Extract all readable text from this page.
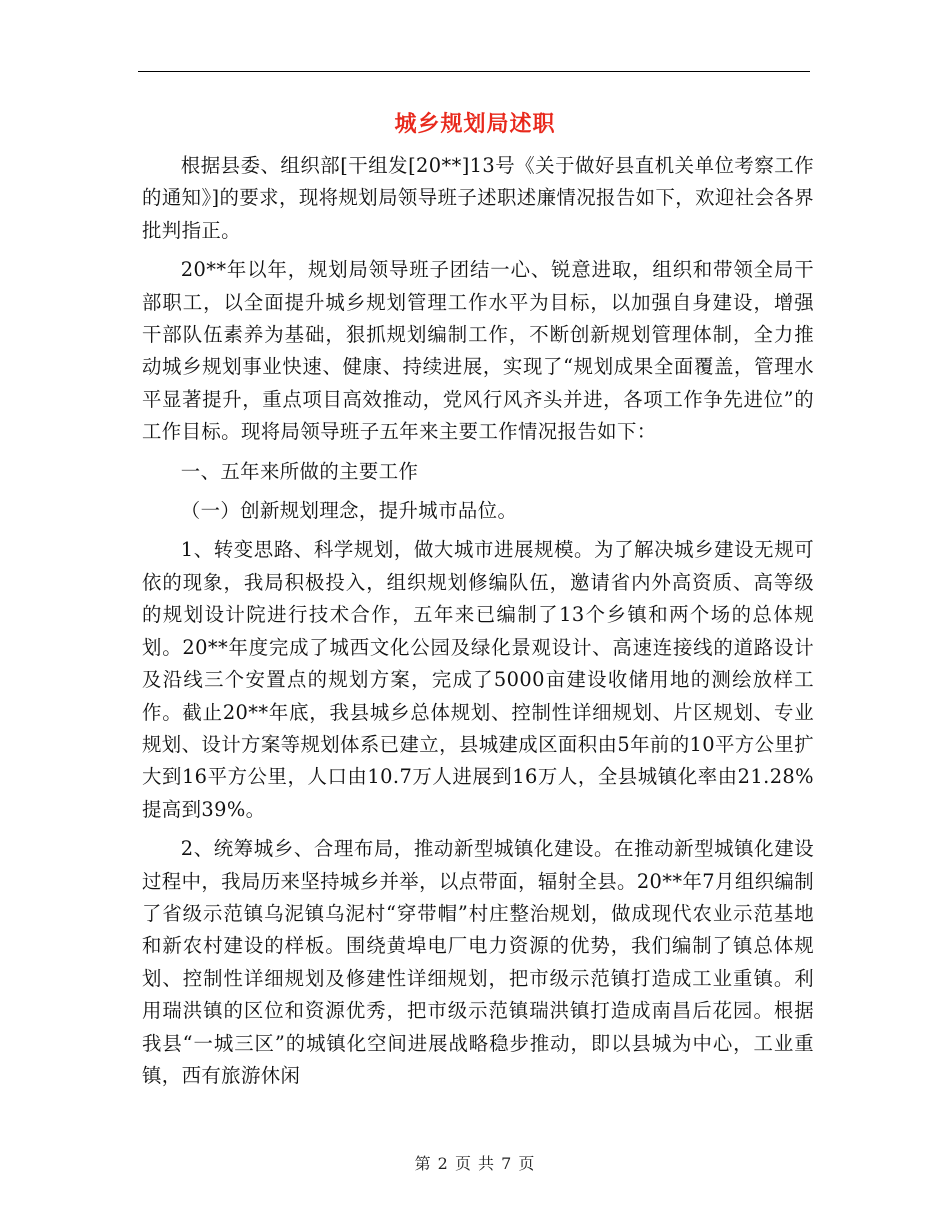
城乡规划局述职

根据县委、组织部[干组发[20**]13号《关于做好县直机关单位考察工作的通知》]的要求，现将规划局领导班子述职述廉情况报告如下，欢迎社会各界批判指正。

20**年以年，规划局领导班子团结一心、锐意进取，组织和带领全局干部职工，以全面提升城乡规划管理工作水平为目标，以加强自身建设，增强干部队伍素养为基础，狠抓规划编制工作，不断创新规划管理体制，全力推动城乡规划事业快速、健康、持续进展，实现了“规划成果全面覆盖，管理水平显著提升，重点项目高效推动，党风行风齐头并进，各项工作争先进位”的工作目标。现将局领导班子五年来主要工作情况报告如下：

一、五年来所做的主要工作

（一）创新规划理念，提升城市品位。

1、转变思路、科学规划，做大城市进展规模。为了解决城乡建设无规可依的现象，我局积极投入，组织规划修编队伍，邀请省内外高资质、高等级的规划设计院进行技术合作，五年来已编制了13个乡镇和两个场的总体规划。20**年度完成了城西文化公园及绿化景观设计、高速连接线的道路设计及沿线三个安置点的规划方案，完成了5000亩建设收储用地的测绘放样工作。截止20**年底，我县城乡总体规划、控制性详细规划、片区规划、专业规划、设计方案等规划体系已建立，县城建成区面积由5年前的10平方公里扩大到16平方公里，人口由10.7万人进展到16万人，全县城镇化率由21.28%提高到39%。

2、统筹城乡、合理布局，推动新型城镇化建设。在推动新型城镇化建设过程中，我局历来坚持城乡并举，以点带面，辐射全县。20**年7月组织编制了省级示范镇乌泥镇乌泥村“穿带帽”村庄整治规划，做成现代农业示范基地和新农村建设的样板。围绕黄埠电厂电力资源的优势，我们编制了镇总体规划、控制性详细规划及修建性详细规划，把市级示范镇打造成工业重镇。利用瑞洪镇的区位和资源优秀，把市级示范镇瑞洪镇打造成南昌后花园。根据我县“一城三区”的城镇化空间进展战略稳步推动，即以县城为中心，工业重镇，西有旅游休闲

第 2 页 共 7 页
